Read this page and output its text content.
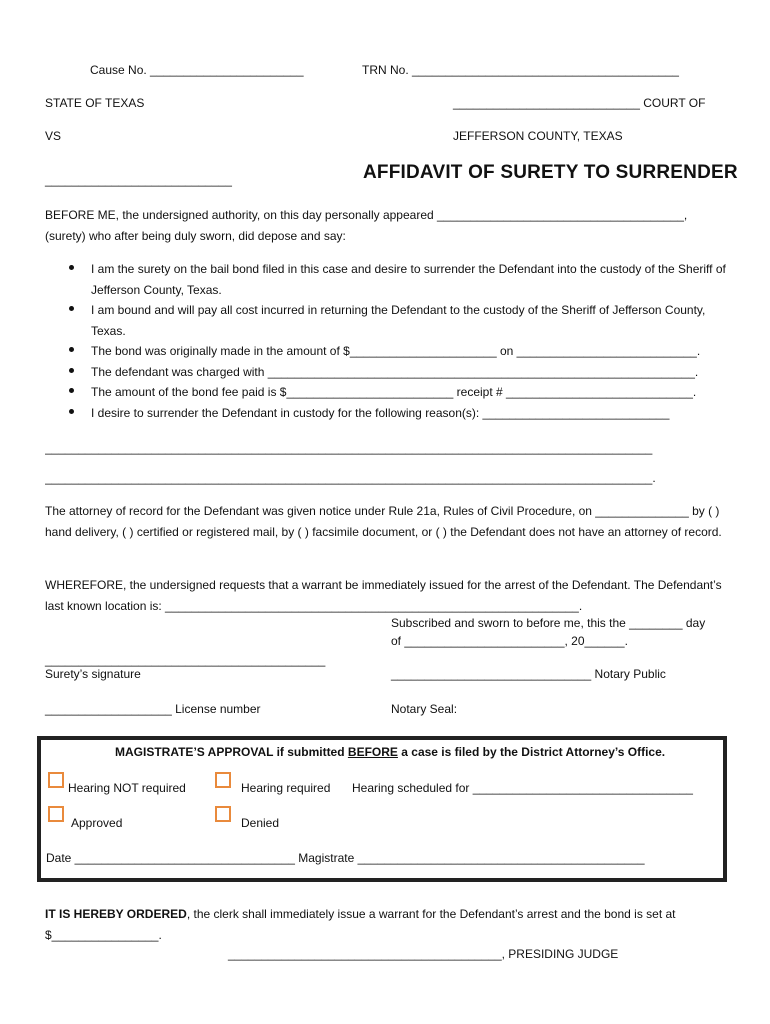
Cause No. _______________________	TRN No. ________________________________________
STATE OF TEXAS	____________________________ COURT OF
VS	JEFFERSON COUNTY, TEXAS
____________________________	AFFIDAVIT OF SURETY TO SURRENDER
BEFORE ME, the undersigned authority, on this day personally appeared _____________________________________, (surety) who after being duly sworn, did depose and say:
I am the surety on the bail bond filed in this case and desire to surrender the Defendant into the custody of the Sheriff of Jefferson County, Texas.
I am bound and will pay all cost incurred in returning the Defendant to the custody of the Sheriff of Jefferson County, Texas.
The bond was originally made in the amount of $______________________ on ___________________________.
The defendant was charged with ________________________________________________________________.
The amount of the bond fee paid is $_________________________ receipt # ____________________________.
I desire to surrender the Defendant in custody for the following reason(s): ____________________________
___________________________________________________________________________________________
___________________________________________________________________________________________.
The attorney of record for the Defendant was given notice under Rule 21a, Rules of Civil Procedure, on ______________ by ( ) hand delivery, ( ) certified or registered mail, by ( ) facsimile document, or ( ) the Defendant does not have an attorney of record.
WHEREFORE, the undersigned requests that a warrant be immediately issued for the arrest of the Defendant. The Defendant’s last known location is: ______________________________________________________________.
Subscribed and sworn to before me, this the ________ day
of ________________________, 20______.
__________________________________________
Surety’s signature	______________________________ Notary Public
___________________ License number	Notary Seal:
MAGISTRATE’S APPROVAL if submitted BEFORE a case is filed by the District Attorney’s Office.
Hearing NOT required	Hearing required Hearing scheduled for _________________________________
Approved	Denied
Date _________________________________ Magistrate ___________________________________________
IT IS HEREBY ORDERED, the clerk shall immediately issue a warrant for the Defendant’s arrest and the bond is set at
$________________.
_________________________________________, PRESIDING JUDGE
